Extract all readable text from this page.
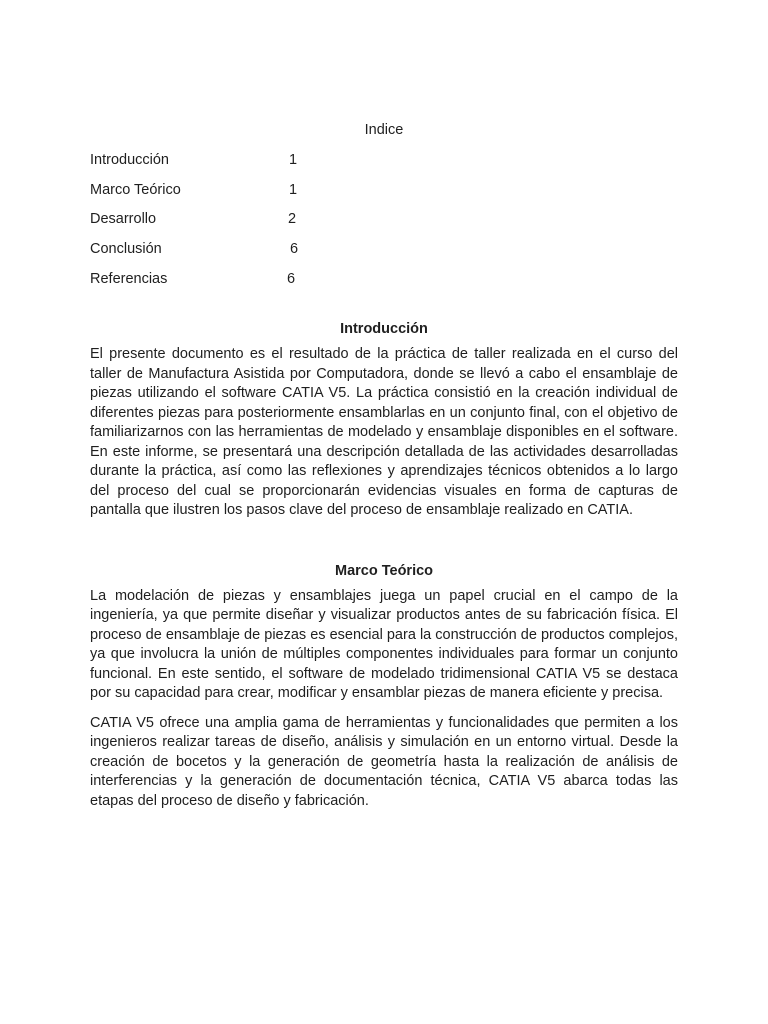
Indice
Introducción	1
Marco Teórico	1
Desarrollo	2
Conclusión	6
Referencias	6
Introducción

El presente documento es el resultado de la práctica de taller realizada en el curso del taller de Manufactura Asistida por Computadora, donde se llevó a cabo el ensamblaje de piezas utilizando el software CATIA V5. La práctica consistió en la creación individual de diferentes piezas para posteriormente ensamblarlas en un conjunto final, con el objetivo de familiarizarnos con las herramientas de modelado y ensamblaje disponibles en el software. En este informe, se presentará una descripción detallada de las actividades desarrolladas durante la práctica, así como las reflexiones y aprendizajes técnicos obtenidos a lo largo del proceso del cual se proporcionarán evidencias visuales en forma de capturas de pantalla que ilustren los pasos clave del proceso de ensamblaje realizado en CATIA.

Marco Teórico

La modelación de piezas y ensamblajes juega un papel crucial en el campo de la ingeniería, ya que permite diseñar y visualizar productos antes de su fabricación física. El proceso de ensamblaje de piezas es esencial para la construcción de productos complejos, ya que involucra la unión de múltiples componentes individuales para formar un conjunto funcional. En este sentido, el software de modelado tridimensional CATIA V5 se destaca por su capacidad para crear, modificar y ensamblar piezas de manera eficiente y precisa.

CATIA V5 ofrece una amplia gama de herramientas y funcionalidades que permiten a los ingenieros realizar tareas de diseño, análisis y simulación en un entorno virtual. Desde la creación de bocetos y la generación de geometría hasta la realización de análisis de interferencias y la generación de documentación técnica, CATIA V5 abarca todas las etapas del proceso de diseño y fabricación.
